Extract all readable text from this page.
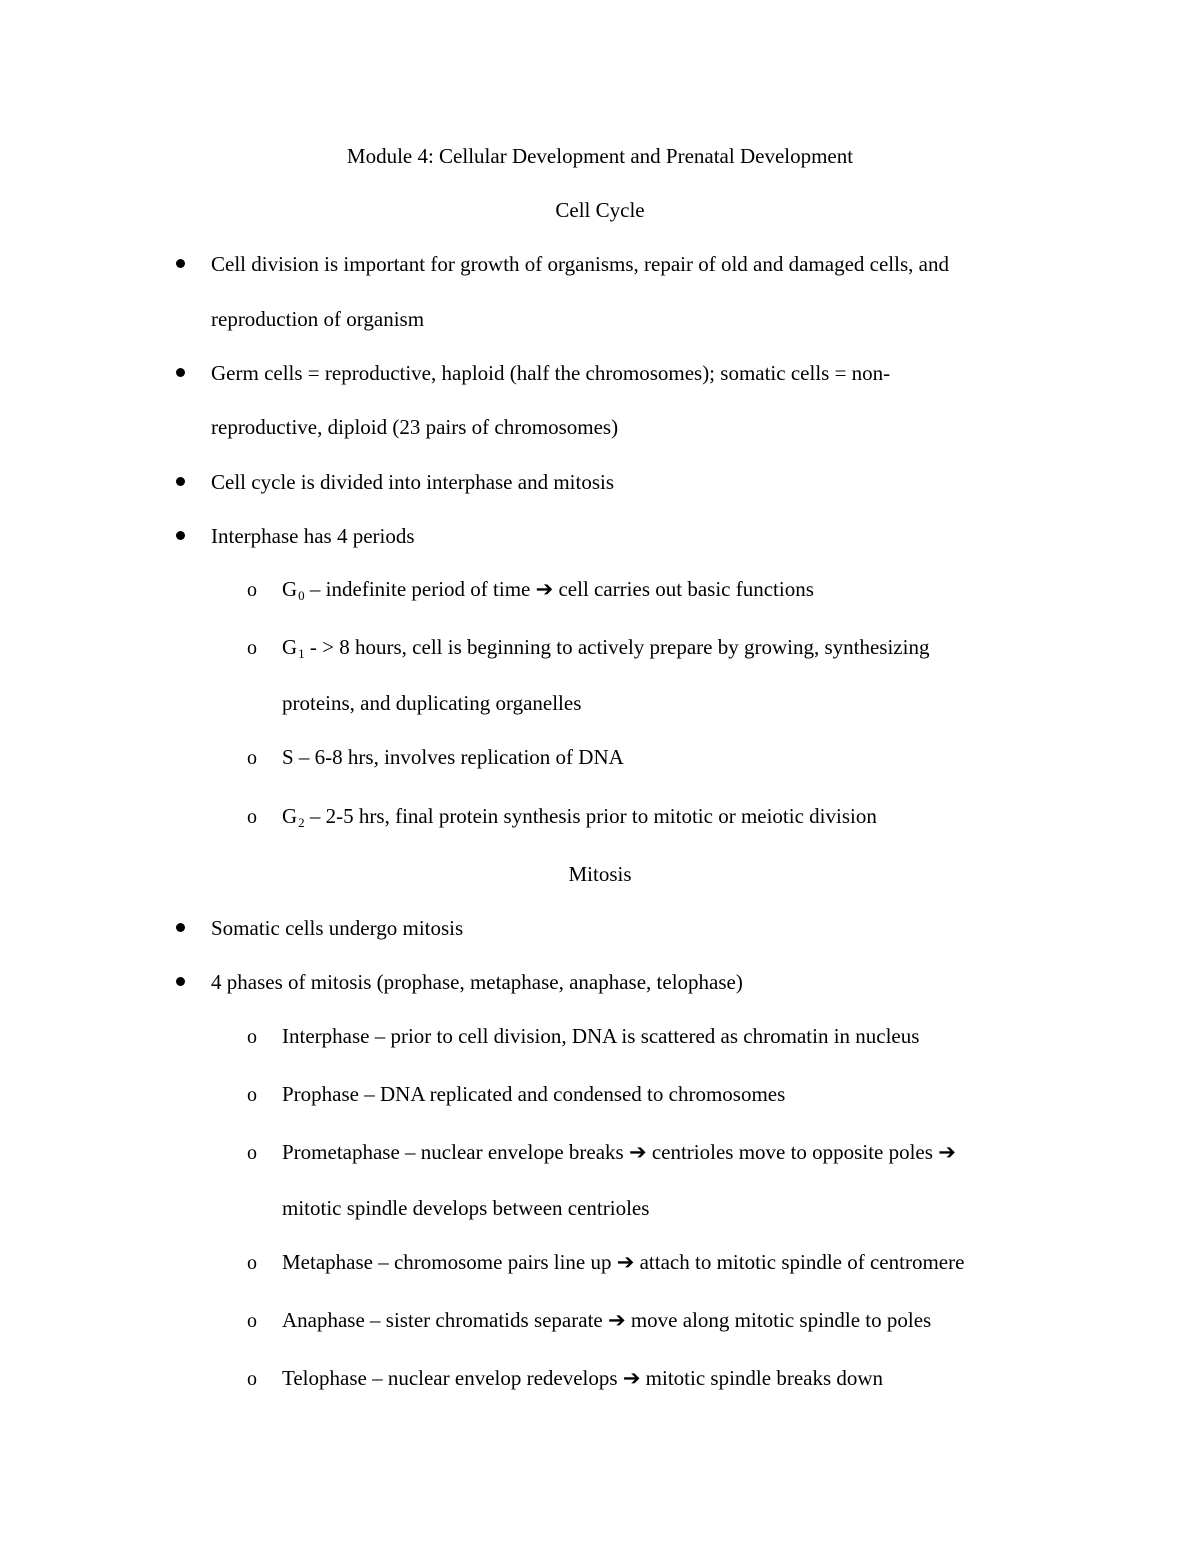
Module 4: Cellular Development and Prenatal Development
Cell Cycle
Cell division is important for growth of organisms, repair of old and damaged cells, and
reproduction of organism
Germ cells = reproductive, haploid (half the chromosomes); somatic cells = non-
reproductive, diploid (23 pairs of chromosomes)
Cell cycle is divided into interphase and mitosis
Interphase has 4 periods
o $G_0$ – indefinite period of time ➔ cell carries out basic functions
o $G_1$ - > 8 hours, cell is beginning to actively prepare by growing, synthesizing
proteins, and duplicating organelles
o S – 6-8 hrs, involves replication of DNA
o $G_2 - 2-5$ hrs, final protein synthesis prior to mitotic or meiotic division
Mitosis
Somatic cells undergo mitosis
4 phases of mitosis (prophase, metaphase, anaphase, telophase)
o Interphase – prior to cell division, DNA is scattered as chromatin in nucleus
o Prophase – DNA replicated and condensed to chromosomes
o Prometaphase – nuclear envelope breaks ➔ centrioles move to opposite poles ➔
mitotic spindle develops between centrioles
o Metaphase – chromosome pairs line up ➔ attach to mitotic spindle of centromere
o Anaphase – sister chromatids separate ➔ move along mitotic spindle to poles
o Telophase – nuclear envelop redevelops ➔ mitotic spindle breaks down
